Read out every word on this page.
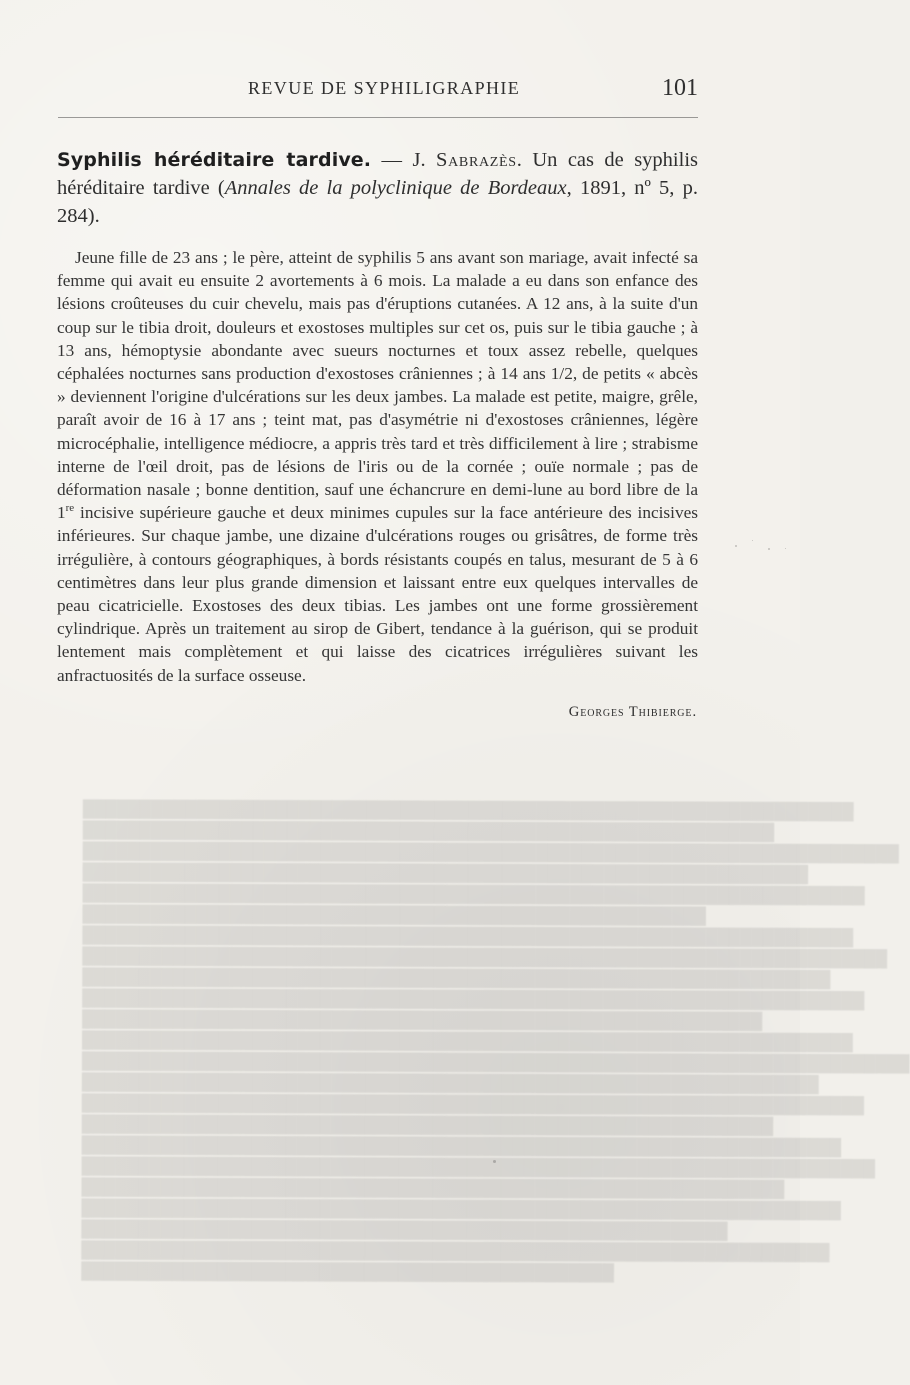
REVUE DE SYPHILIGRAPHIE	101

Syphilis héréditaire tardive. — J. Sabrazès. Un cas de syphilis héréditaire tardive (Annales de la polyclinique de Bordeaux, 1891, nº 5, p. 284).

Jeune fille de 23 ans ; le père, atteint de syphilis 5 ans avant son mariage, avait infecté sa femme qui avait eu ensuite 2 avortements à 6 mois. La malade a eu dans son enfance des lésions croûteuses du cuir chevelu, mais pas d'éruptions cutanées. A 12 ans, à la suite d'un coup sur le tibia droit, douleurs et exostoses multiples sur cet os, puis sur le tibia gauche ; à 13 ans, hémoptysie abondante avec sueurs nocturnes et toux assez rebelle, quelques céphalées nocturnes sans production d'exostoses crâniennes ; à 14 ans 1/2, de petits « abcès » deviennent l'origine d'ulcérations sur les deux jambes. La malade est petite, maigre, grêle, paraît avoir de 16 à 17 ans ; teint mat, pas d'asymétrie ni d'exostoses crâniennes, légère microcéphalie, intelligence médiocre, a appris très tard et très difficilement à lire ; strabisme interne de l'œil droit, pas de lésions de l'iris ou de la cornée ; ouïe normale ; pas de déformation nasale ; bonne dentition, sauf une échancrure en demi-lune au bord libre de la 1re incisive supérieure gauche et deux minimes cupules sur la face antérieure des incisives inférieures. Sur chaque jambe, une dizaine d'ulcérations rouges ou grisâtres, de forme très irrégulière, à contours géographiques, à bords résistants coupés en talus, mesurant de 5 à 6 centimètres dans leur plus grande dimension et laissant entre eux quelques intervalles de peau cicatricielle. Exostoses des deux tibias. Les jambes ont une forme grossièrement cylindrique. Après un traitement au sirop de Gibert, tendance à la guérison, qui se produit lentement mais complètement et qui laisse des cicatrices irrégulières suivant les anfractuosités de la surface osseuse.

Georges Thibierge.
████████████████████████████████████████████████████████████████████
█████████████████████████████████████████████████████████████
████████████████████████████████████████████████████████████████████████
████████████████████████████████████████████████████████████████
█████████████████████████████████████████████████████████████████████
███████████████████████████████████████████████████████
████████████████████████████████████████████████████████████████████
███████████████████████████████████████████████████████████████████████
██████████████████████████████████████████████████████████████████
█████████████████████████████████████████████████████████████████████
████████████████████████████████████████████████████████████
████████████████████████████████████████████████████████████████████
█████████████████████████████████████████████████████████████████████████
█████████████████████████████████████████████████████████████████
█████████████████████████████████████████████████████████████████████
█████████████████████████████████████████████████████████████
███████████████████████████████████████████████████████████████████
██████████████████████████████████████████████████████████████████████
██████████████████████████████████████████████████████████████
███████████████████████████████████████████████████████████████████
█████████████████████████████████████████████████████████
██████████████████████████████████████████████████████████████████
███████████████████████████████████████████████
